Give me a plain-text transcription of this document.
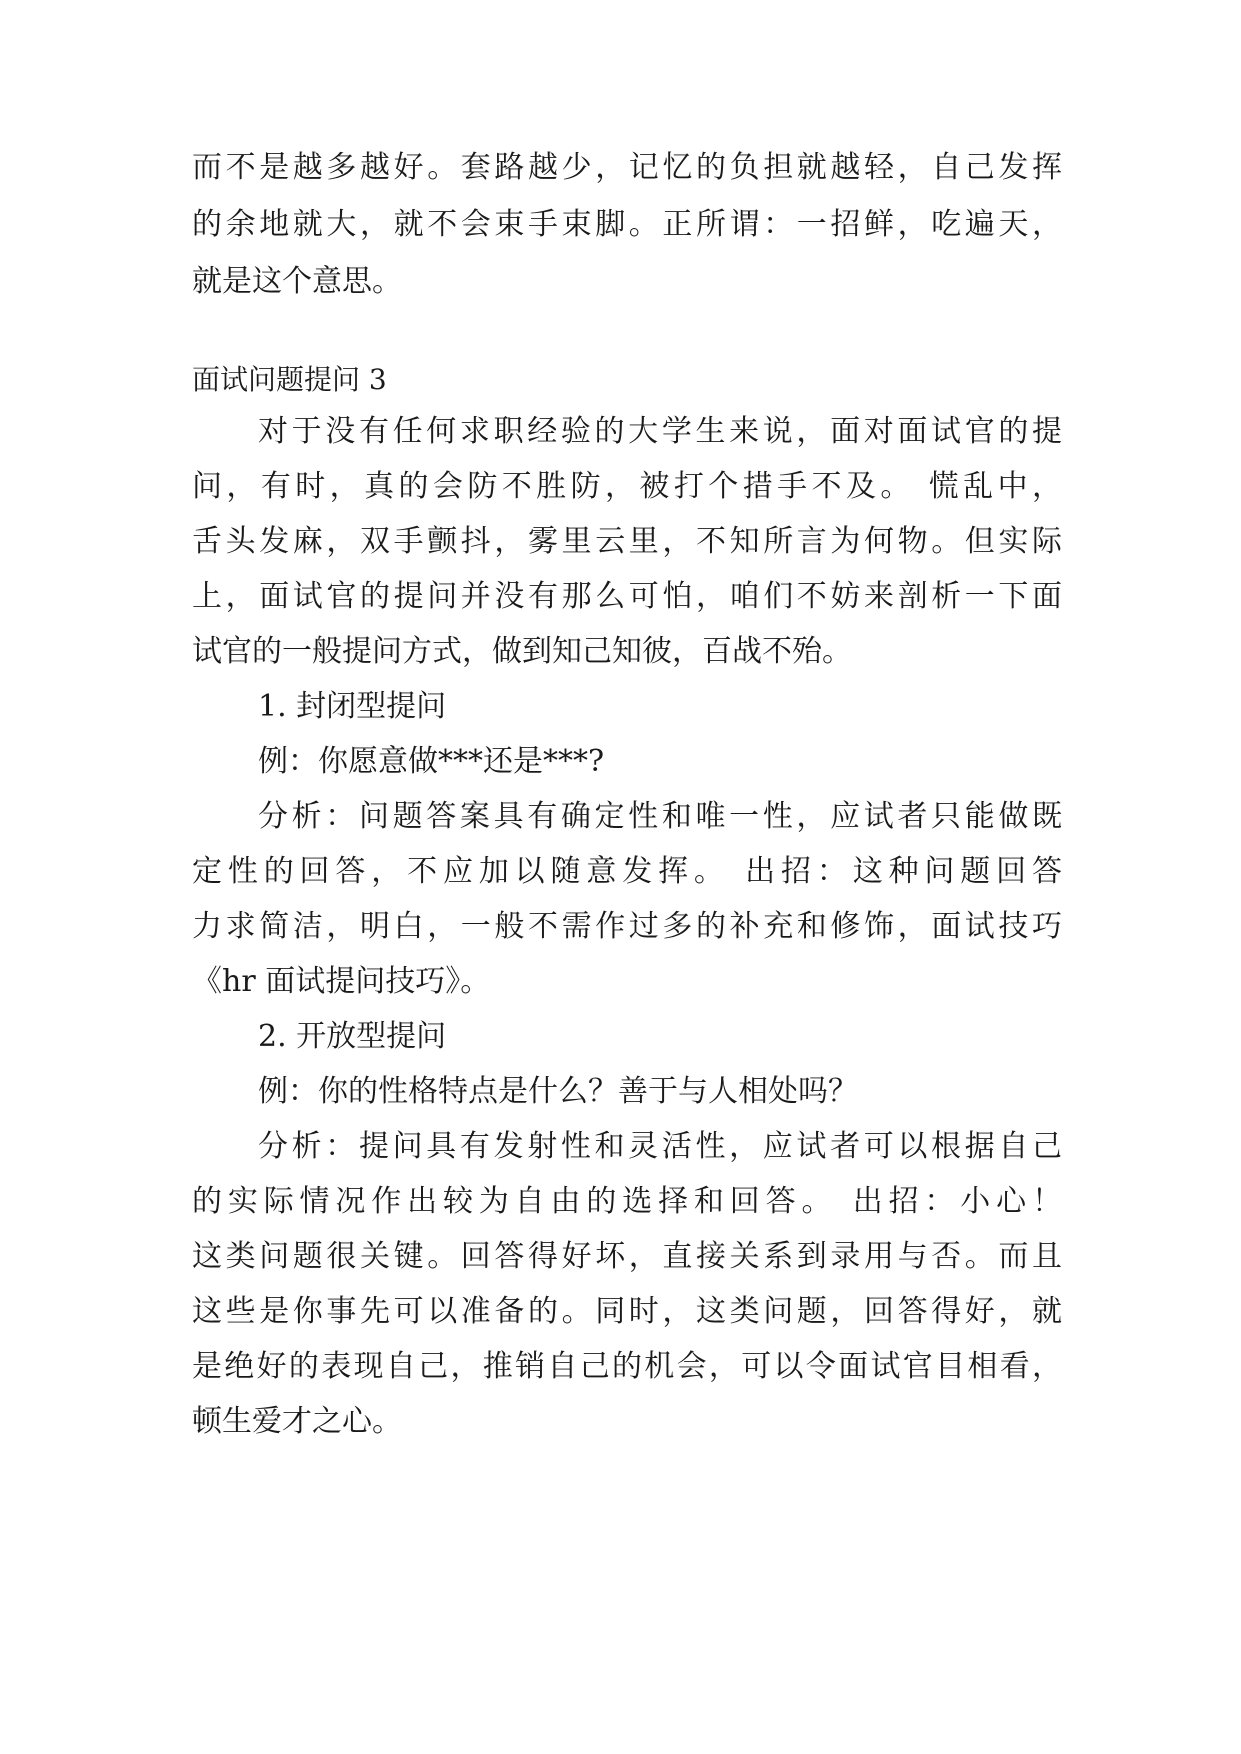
而不是越多越好。套路越少，记忆的负担就越轻，自己发挥
的余地就大，就不会束手束脚。正所谓：一招鲜，吃遍天，
就是这个意思。
面试问题提问 3
对于没有任何求职经验的大学生来说，面对面试官的提
问，有时，真的会防不胜防，被打个措手不及。 慌乱中，
舌头发麻，双手颤抖，雾里云里，不知所言为何物。但实际
上，面试官的提问并没有那么可怕，咱们不妨来剖析一下面
试官的一般提问方式，做到知己知彼，百战不殆。
1. 封闭型提问
例：你愿意做***还是***?
分析：问题答案具有确定性和唯一性，应试者只能做既
定性的回答，不应加以随意发挥。 出招：这种问题回答
力求简洁，明白，一般不需作过多的补充和修饰，面试技巧
《hr 面试提问技巧》。
2. 开放型提问
例：你的性格特点是什么？善于与人相处吗？
分析：提问具有发射性和灵活性，应试者可以根据自己
的实际情况作出较为自由的选择和回答。 出招：小心！
这类问题很关键。回答得好坏，直接关系到录用与否。而且
这些是你事先可以准备的。同时，这类问题，回答得好，就
是绝好的表现自己，推销自己的机会，可以令面试官目相看，
顿生爱才之心。
